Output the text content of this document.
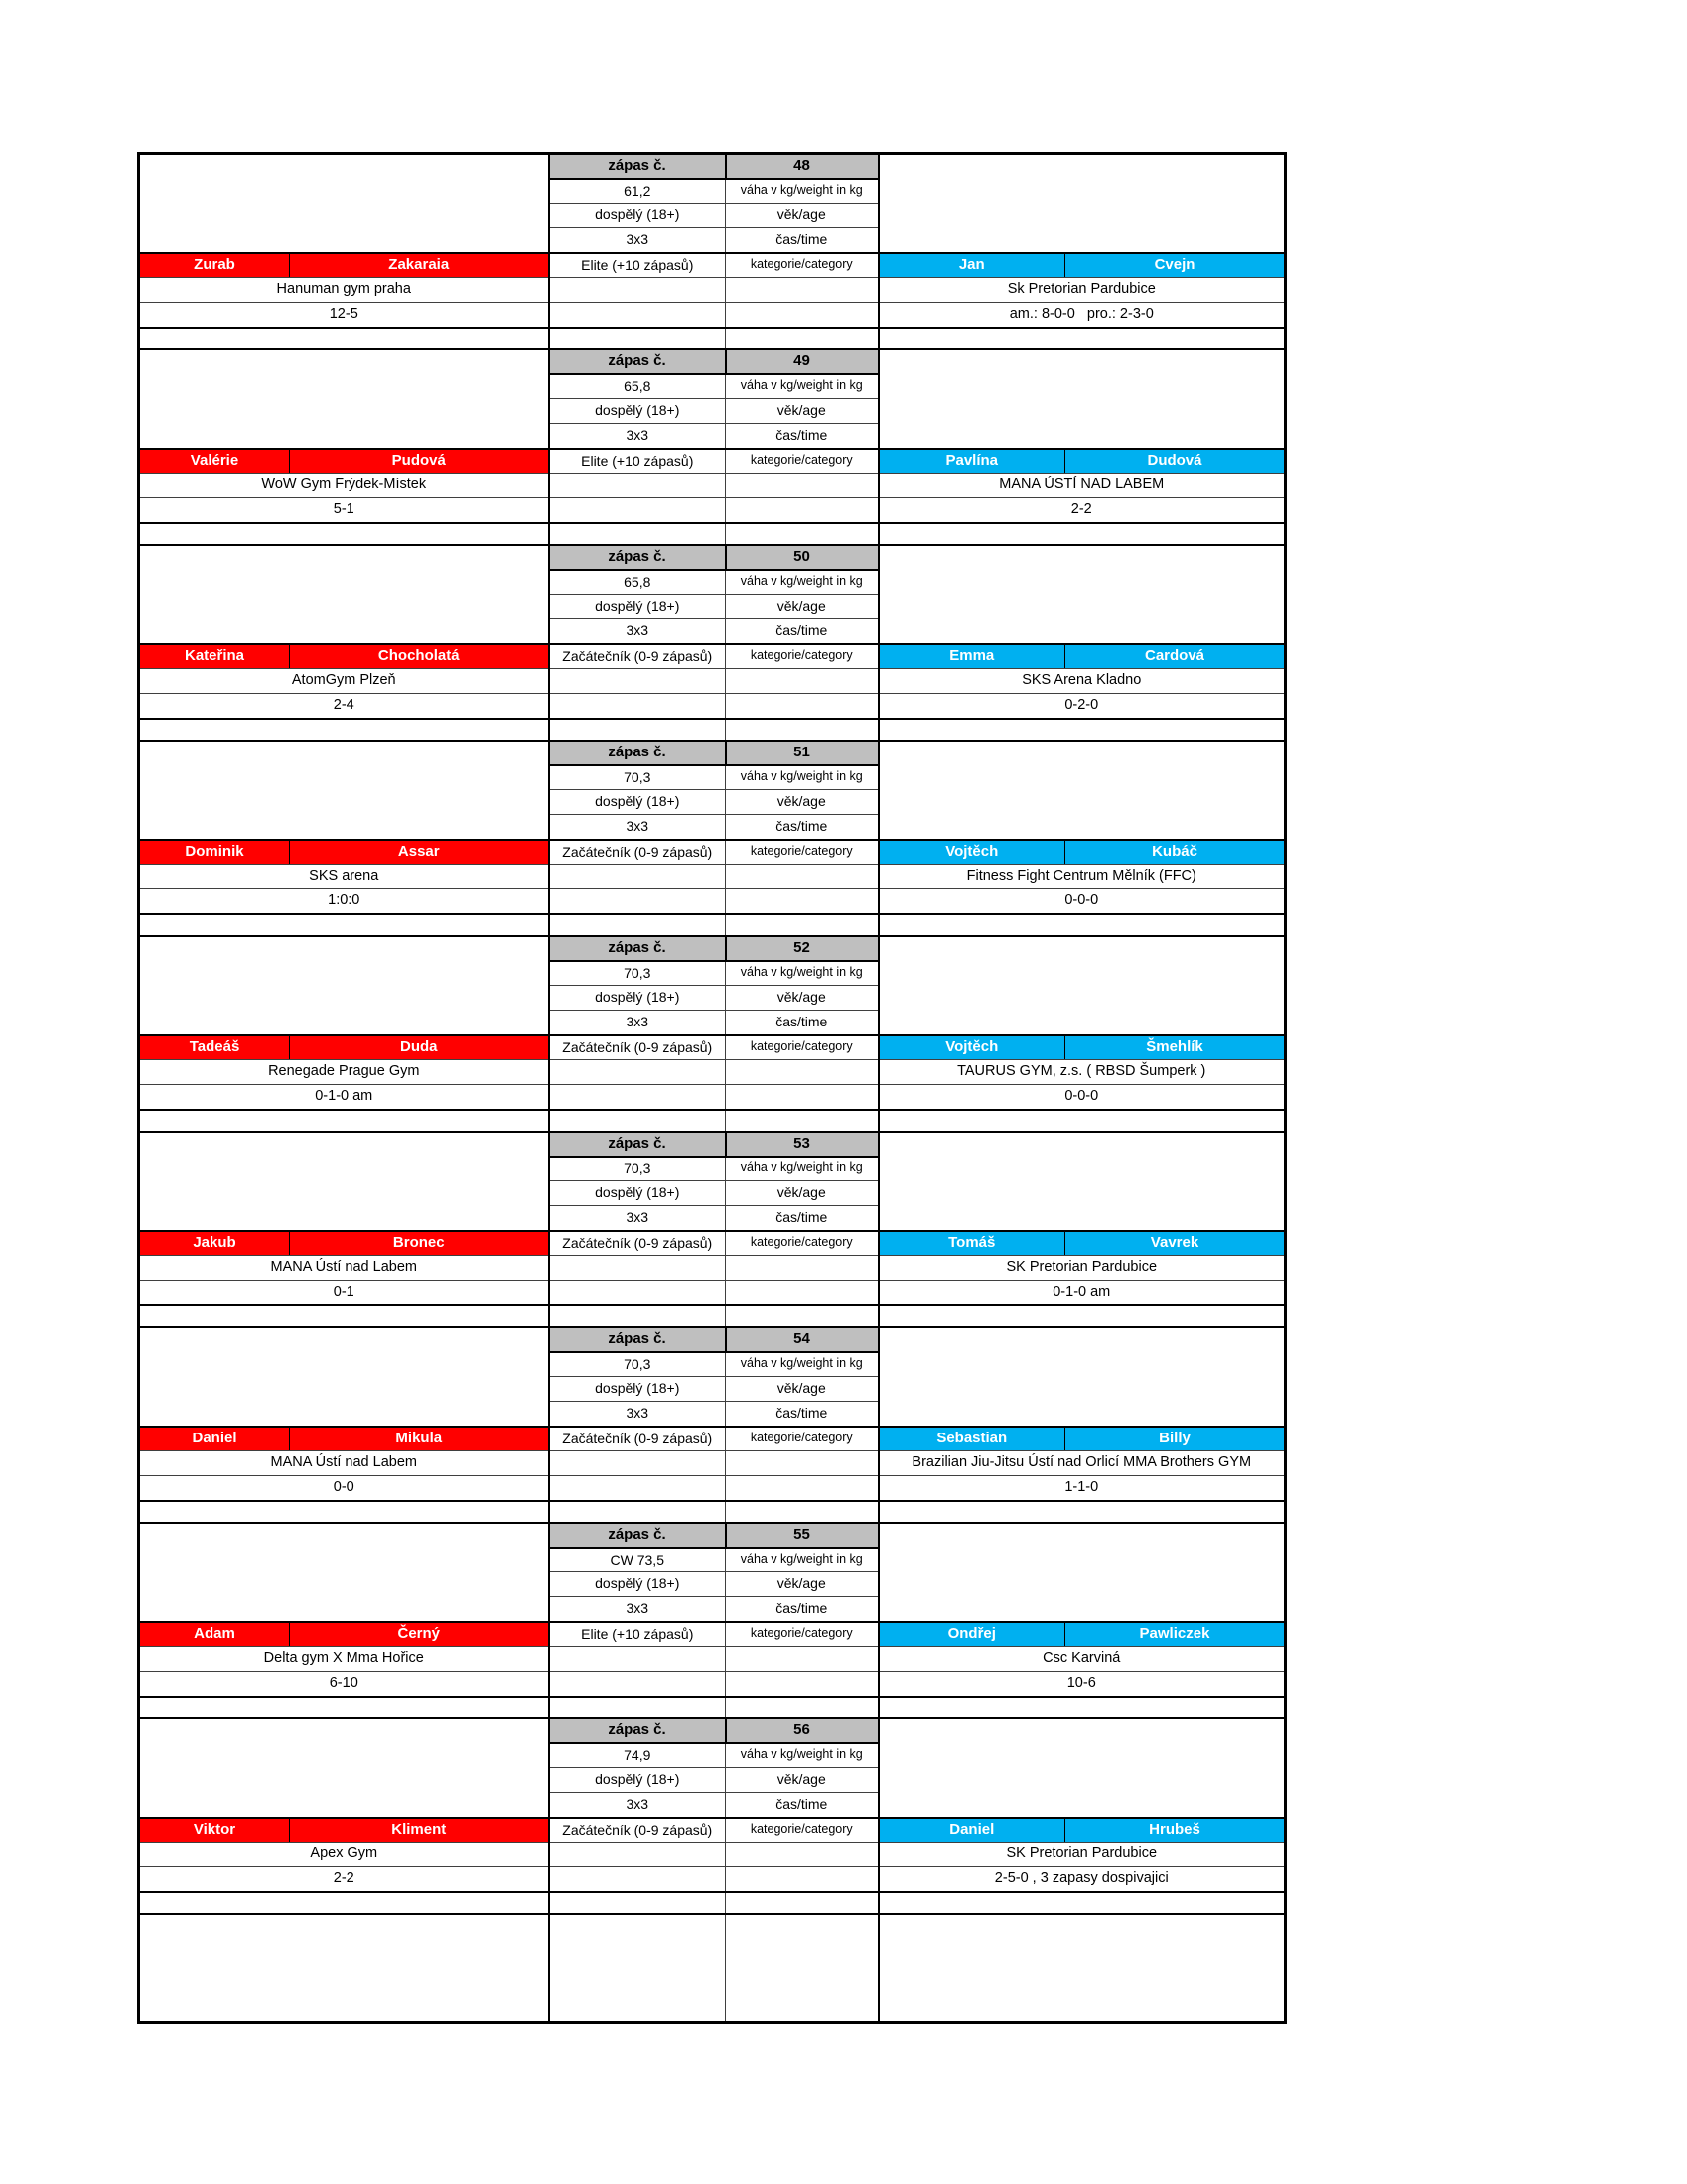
		zápas č.	48		
		61,2	váha v kg/weight in kg		
		dospělý (18+)	věk/age		
		3x3	čas/time		
Zurab	Zakaraia	Elite (+10 zápasů)	kategorie/category	Jan	Cvejn
Hanuman gym praha				Sk Pretorian Pardubice	
12-5				am.: 8-0-0   pro.: 2-3-0	

		zápas č.	49		
		65,8	váha v kg/weight in kg		
		dospělý (18+)	věk/age		
		3x3	čas/time		
Valérie	Pudová	Elite (+10 zápasů)	kategorie/category	Pavlína	Dudová
WoW Gym Frýdek-Místek				MANA ÚSTÍ NAD LABEM	
5-1				2-2	

		zápas č.	50		
		65,8	váha v kg/weight in kg		
		dospělý (18+)	věk/age		
		3x3	čas/time		
Kateřina	Chocholatá	Začátečník (0-9 zápasů)	kategorie/category	Emma	Cardová
AtomGym Plzeň				SKS Arena Kladno	
2-4				0-2-0	

		zápas č.	51		
		70,3	váha v kg/weight in kg		
		dospělý (18+)	věk/age		
		3x3	čas/time		
Dominik	Assar	Začátečník (0-9 zápasů)	kategorie/category	Vojtěch	Kubáč
SKS arena				Fitness Fight Centrum Mělník (FFC)	
1:0:0				0-0-0	

		zápas č.	52		
		70,3	váha v kg/weight in kg		
		dospělý (18+)	věk/age		
		3x3	čas/time		
Tadeáš	Duda	Začátečník (0-9 zápasů)	kategorie/category	Vojtěch	Šmehlík
Renegade Prague Gym				TAURUS GYM, z.s. ( RBSD Šumperk )	
0-1-0 am				0-0-0	

		zápas č.	53		
		70,3	váha v kg/weight in kg		
		dospělý (18+)	věk/age		
		3x3	čas/time		
Jakub	Bronec	Začátečník (0-9 zápasů)	kategorie/category	Tomáš	Vavrek
MANA Ústí nad Labem				SK Pretorian Pardubice	
0-1				0-1-0 am	

		zápas č.	54		
		70,3	váha v kg/weight in kg		
		dospělý (18+)	věk/age		
		3x3	čas/time		
Daniel	Mikula	Začátečník (0-9 zápasů)	kategorie/category	Sebastian	Billy
MANA Ústí nad Labem				Brazilian Jiu-Jitsu Ústí nad Orlicí MMA Brothers GYM	
0-0				1-1-0	

		zápas č.	55		
		CW 73,5	váha v kg/weight in kg		
		dospělý (18+)	věk/age		
		3x3	čas/time		
Adam	Černý	Elite (+10 zápasů)	kategorie/category	Ondřej	Pawliczek
Delta gym X Mma Hořice				Csc Karviná	
6-10				10-6	

		zápas č.	56		
		74,9	váha v kg/weight in kg		
		dospělý (18+)	věk/age		
		3x3	čas/time		
Viktor	Kliment	Začátečník (0-9 zápasů)	kategorie/category	Daniel	Hrubeš
Apex Gym				SK Pretorian Pardubice	
2-2				2-5-0 , 3 zapasy dospivajici	
